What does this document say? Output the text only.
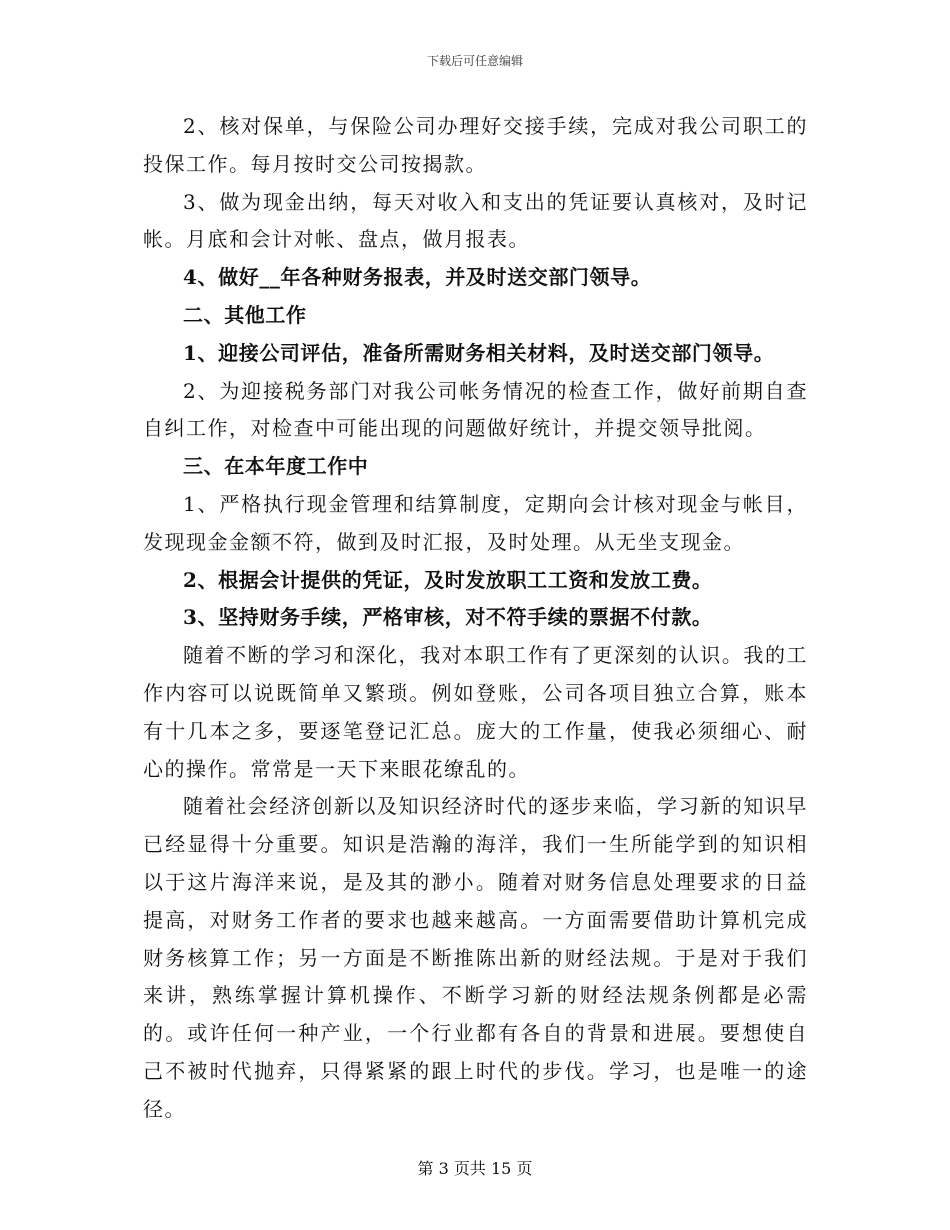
下载后可任意编辑

2、核对保单，与保险公司办理好交接手续，完成对我公司职工的投保工作。每月按时交公司按揭款。

3、做为现金出纳，每天对收入和支出的凭证要认真核对，及时记帐。月底和会计对帐、盘点，做月报表。

4、做好__年各种财务报表，并及时送交部门领导。

二、其他工作

1、迎接公司评估，准备所需财务相关材料，及时送交部门领导。

2、为迎接税务部门对我公司帐务情况的检查工作，做好前期自查自纠工作，对检查中可能出现的问题做好统计，并提交领导批阅。

三、在本年度工作中

1、严格执行现金管理和结算制度，定期向会计核对现金与帐目，发现现金金额不符，做到及时汇报，及时处理。从无坐支现金。

2、根据会计提供的凭证，及时发放职工工资和发放工费。

3、坚持财务手续，严格审核，对不符手续的票据不付款。

随着不断的学习和深化，我对本职工作有了更深刻的认识。我的工作内容可以说既简单又繁琐。例如登账，公司各项目独立合算，账本有十几本之多，要逐笔登记汇总。庞大的工作量，使我必须细心、耐心的操作。常常是一天下来眼花缭乱的。

随着社会经济创新以及知识经济时代的逐步来临，学习新的知识早已经显得十分重要。知识是浩瀚的海洋，我们一生所能学到的知识相以于这片海洋来说，是及其的渺小。随着对财务信息处理要求的日益提高，对财务工作者的要求也越来越高。一方面需要借助计算机完成财务核算工作；另一方面是不断推陈出新的财经法规。于是对于我们来讲，熟练掌握计算机操作、不断学习新的财经法规条例都是必需的。或许任何一种产业，一个行业都有各自的背景和进展。要想使自己不被时代抛弃，只得紧紧的跟上时代的步伐。学习，也是唯一的途径。

第 3 页共 15 页
